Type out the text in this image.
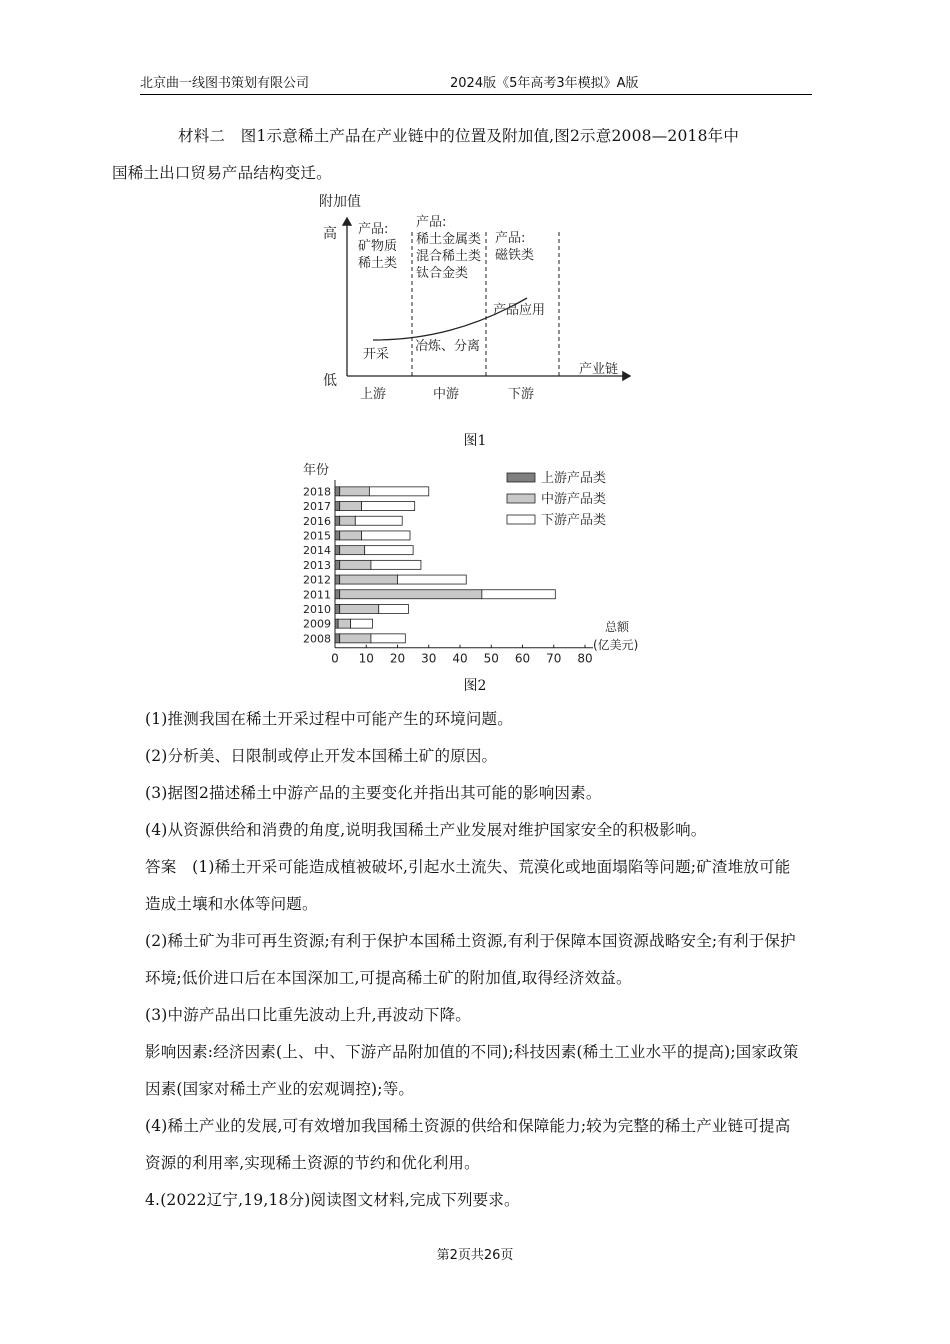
北京曲一线图书策划有限公司	2024版《5年高考3年模拟》A版
材料二　图1示意稀土产品在产业链中的位置及附加值,图2示意2008—2018年中
国稀土出口贸易产品结构变迁。
附加值
高
低
产品:
矿物质
稀土类
产品:
稀土金属类
混合稀土类
钛合金类
产品:
磁铁类
开采
冶炼、分离
产品应用
产业链
上游	中游	下游
图1
年份
上游产品类
中游产品类
下游产品类
2018
2017
2016
2015
2014
2013
2012
2011
2010
2009
2008
0 10 20 30 40 50 60 70 80
总额
(亿美元)
图2
(1)推测我国在稀土开采过程中可能产生的环境问题。
(2)分析美、日限制或停止开发本国稀土矿的原因。
(3)据图2描述稀土中游产品的主要变化并指出其可能的影响因素。
(4)从资源供给和消费的角度,说明我国稀土产业发展对维护国家安全的积极影响。
答案　(1)稀土开采可能造成植被破坏,引起水土流失、荒漠化或地面塌陷等问题;矿渣堆放可能造成土壤和水体等问题。
(2)稀土矿为非可再生资源;有利于保护本国稀土资源,有利于保障本国资源战略安全;有利于保护环境;低价进口后在本国深加工,可提高稀土矿的附加值,取得经济效益。
(3)中游产品出口比重先波动上升,再波动下降。
影响因素:经济因素(上、中、下游产品附加值的不同);科技因素(稀土工业水平的提高);国家政策因素(国家对稀土产业的宏观调控);等。
(4)稀土产业的发展,可有效增加我国稀土资源的供给和保障能力;较为完整的稀土产业链可提高资源的利用率,实现稀土资源的节约和优化利用。
4.(2022辽宁,19,18分)阅读图文材料,完成下列要求。
第2页共26页
